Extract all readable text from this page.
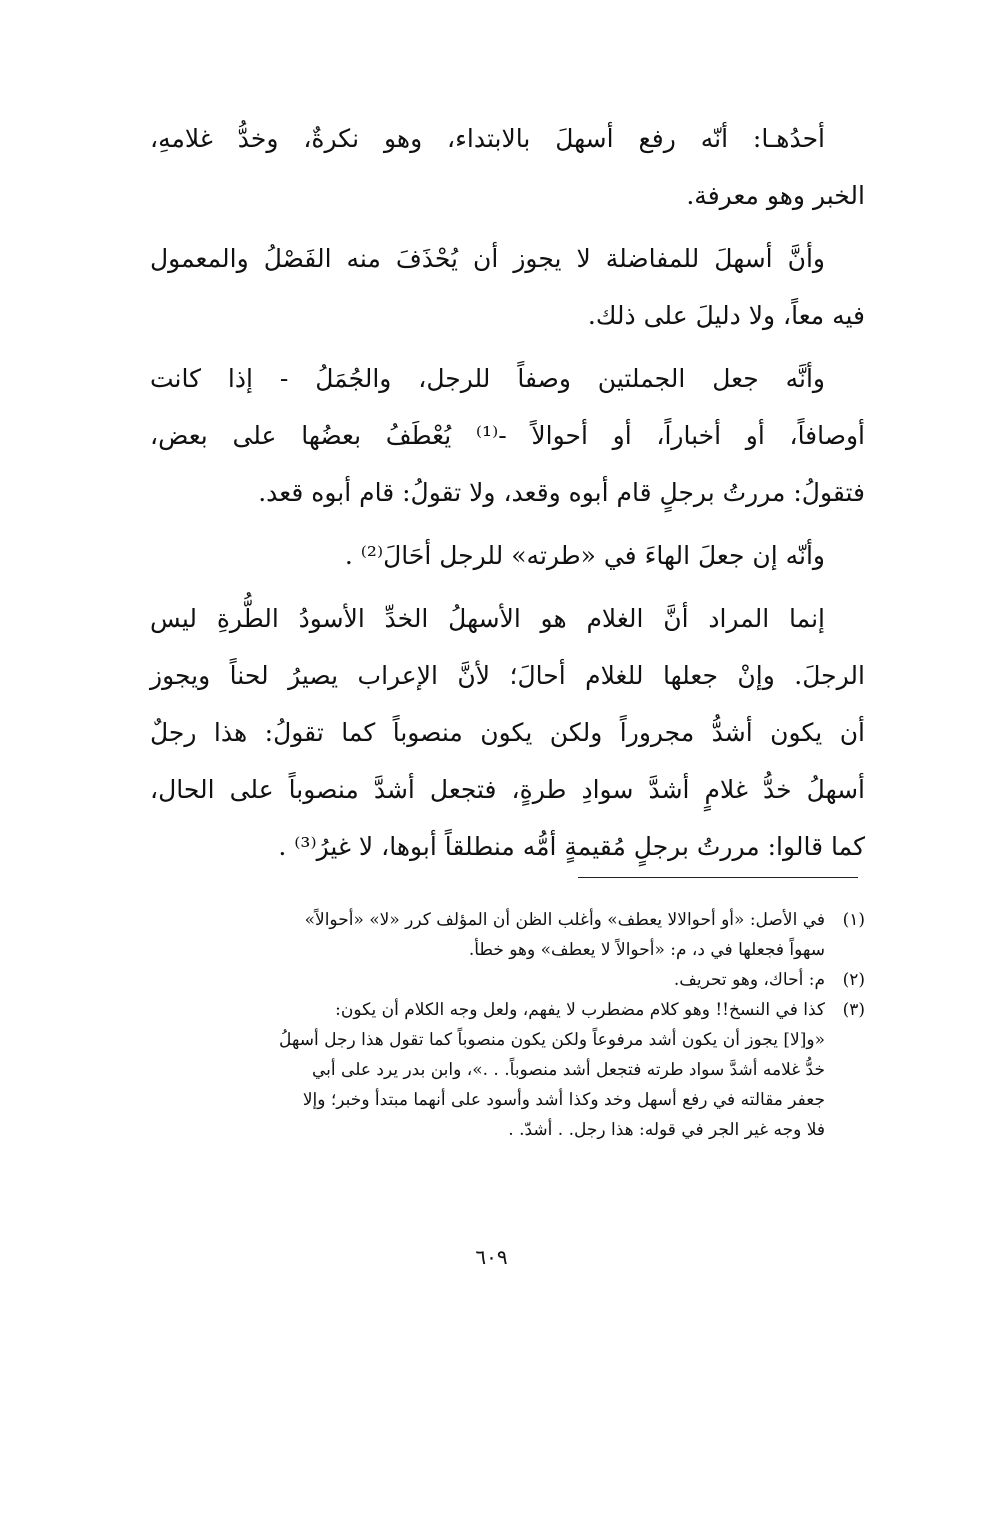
أحدُهـا: أنّه رفع أسهلَ بالابتداء، وهو نكرةٌ، وخدُّ غلامهِ،
الخبر وهو معرفة.

وأنَّ أسهلَ للمفاضلة لا يجوز أن يُحْذَفَ منه الفَصْلُ والمعمول
فيه معاً، ولا دليلَ على ذلك.

وأنَّه جعل الجملتين وصفاً للرجل، والجُمَلُ - إذا كانت
أوصافاً، أو أخباراً، أو أحوالاً -⁽¹⁾ يُعْطَفُ بعضُها على بعض،
فتقولُ: مررتُ برجلٍ قام أبوه وقعد، ولا تقولُ: قام أبوه قعد.

وأنّه إن جعلَ الهاءَ في «طرته» للرجل أحَالَ⁽²⁾ .

إنما المراد أنَّ الغلام هو الأسهلُ الخدِّ الأسودُ الطُّرةِ ليس
الرجلَ. وإنْ جعلها للغلام أحالَ؛ لأنَّ الإعراب يصيرُ لحناً ويجوز
أن يكون أشدُّ مجروراً ولكن يكون منصوباً كما تقولُ: هذا رجلٌ
أسهلُ خدُّ غلامٍ أشدَّ سوادِ طرةٍ، فتجعل أشدَّ منصوباً على الحال،
كما قالوا: مررتُ برجلٍ مُقيمةٍ أمُّه منطلقاً أبوها، لا غيرُ⁽³⁾ .

(١)
في الأصل: «أو أحوالالا يعطف» وأغلب الظن أن المؤلف كرر «لا» «أحوالاً»
سهواً فجعلها في د، م: «أحوالاً لا يعطف» وهو خطأ.
(٢)
م: أحاك، وهو تحريف.
(٣)
كذا في النسخ!! وهو كلام مضطرب لا يفهم، ولعل وجه الكلام أن يكون:
«و[لا] يجوز أن يكون أشد مرفوعاً ولكن يكون منصوباً كما تقول هذا رجل أسهلُ
خدُّ غلامه أشدَّ سواد طرته فتجعل أشد منصوباً. . .»، وابن بدر يرد على أبي
جعفر مقالته في رفع أسهل وخد وكذا أشد وأسود على أنهما مبتدأ وخبر؛ وإلا
فلا وجه غير الجر في قوله: هذا رجل. . أشدّ. .
٦٠٩
